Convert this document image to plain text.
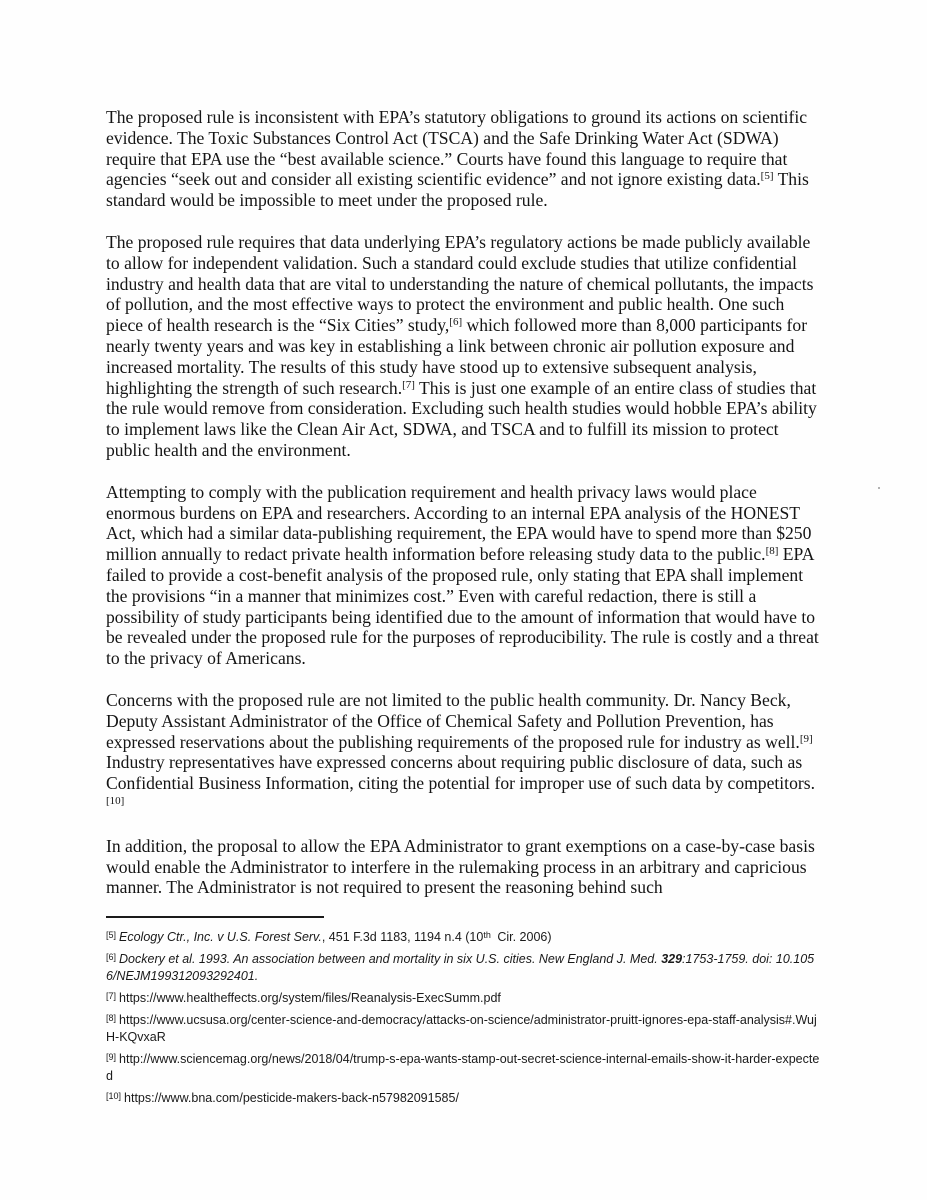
The proposed rule is inconsistent with EPA’s statutory obligations to ground its actions on scientific evidence. The Toxic Substances Control Act (TSCA) and the Safe Drinking Water Act (SDWA) require that EPA use the “best available science.” Courts have found this language to require that agencies “seek out and consider all existing scientific evidence” and not ignore existing data.[5] This standard would be impossible to meet under the proposed rule.

The proposed rule requires that data underlying EPA’s regulatory actions be made publicly available to allow for independent validation. Such a standard could exclude studies that utilize confidential industry and health data that are vital to understanding the nature of chemical pollutants, the impacts of pollution, and the most effective ways to protect the environment and public health. One such piece of health research is the “Six Cities” study,[6] which followed more than 8,000 participants for nearly twenty years and was key in establishing a link between chronic air pollution exposure and increased mortality. The results of this study have stood up to extensive subsequent analysis, highlighting the strength of such research.[7] This is just one example of an entire class of studies that the rule would remove from consideration. Excluding such health studies would hobble EPA’s ability to implement laws like the Clean Air Act, SDWA, and TSCA and to fulfill its mission to protect public health and the environment.

Attempting to comply with the publication requirement and health privacy laws would place enormous burdens on EPA and researchers. According to an internal EPA analysis of the HONEST Act, which had a similar data-publishing requirement, the EPA would have to spend more than $250 million annually to redact private health information before releasing study data to the public.[8] EPA failed to provide a cost-benefit analysis of the proposed rule, only stating that EPA shall implement the provisions “in a manner that minimizes cost.” Even with careful redaction, there is still a possibility of study participants being identified due to the amount of information that would have to be revealed under the proposed rule for the purposes of reproducibility. The rule is costly and a threat to the privacy of Americans.

Concerns with the proposed rule are not limited to the public health community. Dr. Nancy Beck, Deputy Assistant Administrator of the Office of Chemical Safety and Pollution Prevention, has expressed reservations about the publishing requirements of the proposed rule for industry as well.[9] Industry representatives have expressed concerns about requiring public disclosure of data, such as Confidential Business Information, citing the potential for improper use of such data by competitors.[10]

In addition, the proposal to allow the EPA Administrator to grant exemptions on a case-by-case basis would enable the Administrator to interfere in the rulemaking process in an arbitrary and capricious manner. The Administrator is not required to present the reasoning behind such

[5] Ecology Ctr., Inc. v U.S. Forest Serv., 451 F.3d 1183, 1194 n.4 (10th Cir. 2006)
[6] Dockery et al. 1993. An association between and mortality in six U.S. cities. New England J. Med. 329:1753-1759. doi: 10.1056/NEJM199312093292401.
[7] https://www.healtheffects.org/system/files/Reanalysis-ExecSumm.pdf
[8] https://www.ucsusa.org/center-science-and-democracy/attacks-on-science/administrator-pruitt-ignores-epa-staff-analysis#.WujH-KQvxaR
[9] http://www.sciencemag.org/news/2018/04/trump-s-epa-wants-stamp-out-secret-science-internal-emails-show-it-harder-expected
[10] https://www.bna.com/pesticide-makers-back-n57982091585/
